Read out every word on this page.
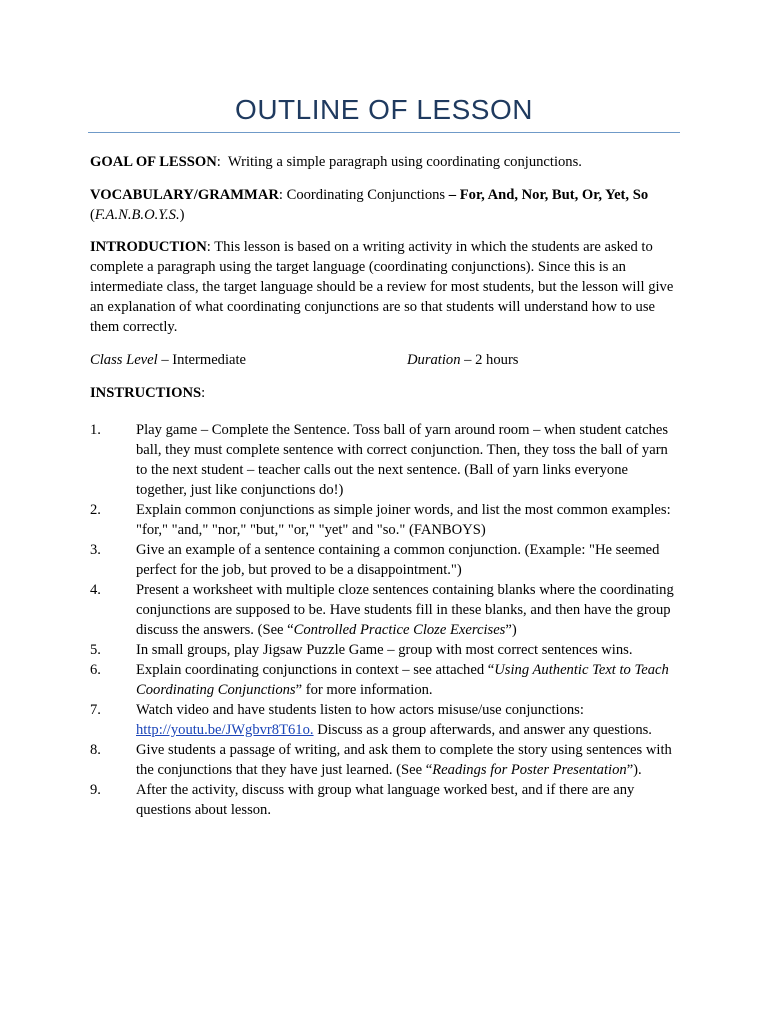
OUTLINE OF LESSON
GOAL OF LESSON:  Writing a simple paragraph using coordinating conjunctions.
VOCABULARY/GRAMMAR: Coordinating Conjunctions – For, And, Nor, But, Or, Yet, So (F.A.N.B.O.Y.S.)
INTRODUCTION: This lesson is based on a writing activity in which the students are asked to complete a paragraph using the target language (coordinating conjunctions). Since this is an intermediate class, the target language should be a review for most students, but the lesson will give an explanation of what coordinating conjunctions are so that students will understand how to use them correctly.
Class Level – Intermediate	Duration – 2 hours
INSTRUCTIONS:
1. Play game – Complete the Sentence. Toss ball of yarn around room – when student catches ball, they must complete sentence with correct conjunction. Then, they toss the ball of yarn to the next student – teacher calls out the next sentence. (Ball of yarn links everyone together, just like conjunctions do!)
2. Explain common conjunctions as simple joiner words, and list the most common examples: "for," "and," "nor," "but," "or," "yet" and "so." (FANBOYS)
3. Give an example of a sentence containing a common conjunction. (Example: "He seemed perfect for the job, but proved to be a disappointment.")
4. Present a worksheet with multiple cloze sentences containing blanks where the coordinating conjunctions are supposed to be. Have students fill in these blanks, and then have the group discuss the answers. (See “Controlled Practice Cloze Exercises”)
5. In small groups, play Jigsaw Puzzle Game – group with most correct sentences wins.
6. Explain coordinating conjunctions in context – see attached “Using Authentic Text to Teach Coordinating Conjunctions” for more information.
7. Watch video and have students listen to how actors misuse/use conjunctions: http://youtu.be/JWgbvr8T61o. Discuss as a group afterwards, and answer any questions.
8. Give students a passage of writing, and ask them to complete the story using sentences with the conjunctions that they have just learned. (See “Readings for Poster Presentation”).
9. After the activity, discuss with group what language worked best, and if there are any questions about lesson.
